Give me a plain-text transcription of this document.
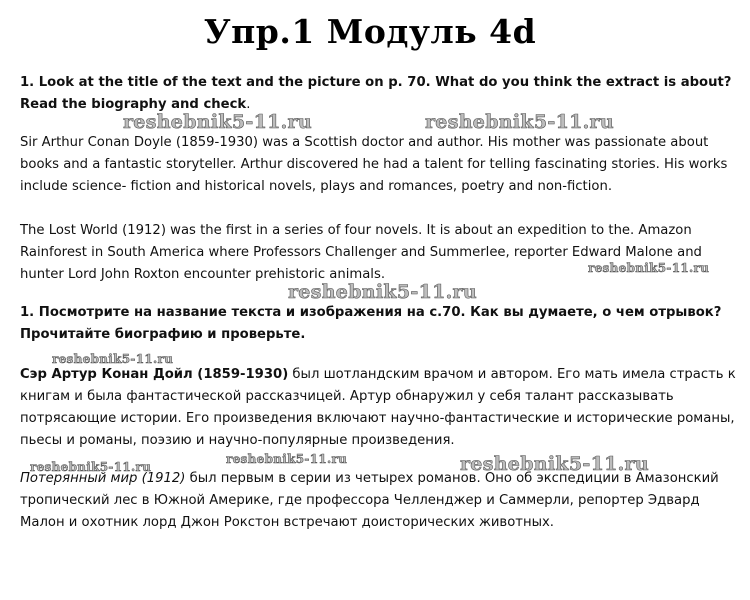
Упр.1 Модуль 4d
1. Look at the title of the text and the picture on p. 70. What do you think the extract is about? Read the biography and check.
Sir Arthur Conan Doyle (1859-1930) was a Scottish doctor and author. His mother was passionate about books and a fantastic storyteller. Arthur discovered he had a talent for telling fascinating stories. His works include science- fiction and historical novels, plays and romances, poetry and non-fiction.
The Lost World (1912) was the first in a series of four novels. It is about an expedition to the. Amazon Rainforest in South America where Professors Challenger and Summerlee, reporter Edward Malone and hunter Lord John Roxton encounter prehistoric animals.
1. Посмотрите на название текста и изображения на с.70. Как вы думаете, о чем отрывок? Прочитайте биографию и проверьте.
Сэр Артур Конан Дойл (1859-1930) был шотландским врачом и автором. Его мать имела страсть к книгам и была фантастической рассказчицей. Артур обнаружил у себя талант рассказывать потрясающие истории. Его произведения включают научно-фантастические и исторические романы, пьесы и романы, поэзию и научно-популярные произведения.
Потерянный мир (1912) был первым в серии из четырех романов. Оно об экспедиции в Амазонский тропический лес в Южной Америке, где профессора Челленджер и Саммерли, репортер Эдвард Малон и охотник лорд Джон Рокстон встречают доисторических животных.
reshebnik5-11.ru	reshebnik5-11.ru
reshebnik5-11.ru
reshebnik5-11.ru
reshebnik5-11.ru
reshebnik5-11.ru
reshebnik5-11.ru	reshebnik5-11.ru
